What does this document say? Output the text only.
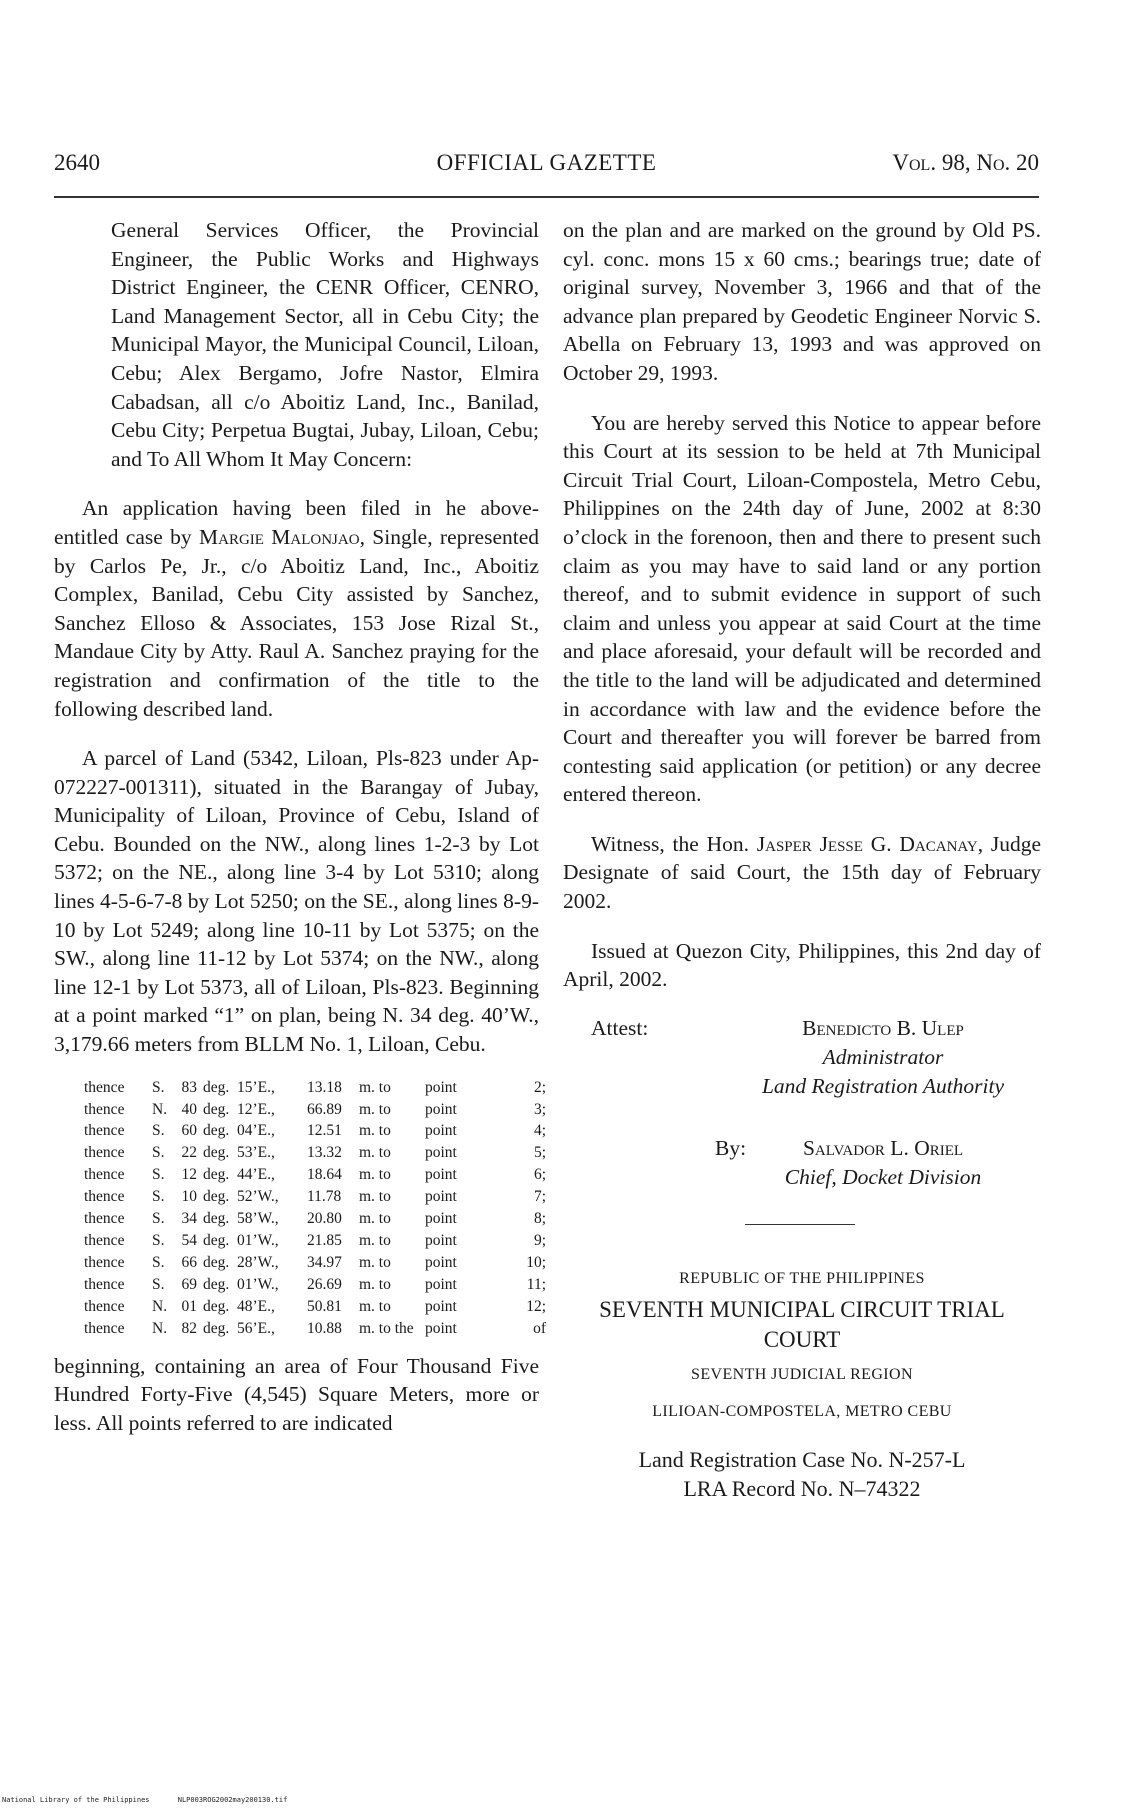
2640	OFFICIAL GAZETTE	Vol. 98, No. 20

General Services Officer, the Provincial Engineer, the Public Works and Highways District Engineer, the CENR Officer, CENRO, Land Management Sector, all in Cebu City; the Municipal Mayor, the Municipal Council, Liloan, Cebu; Alex Bergamo, Jofre Nastor, Elmira Cabadsan, all c/o Aboitiz Land, Inc., Banilad, Cebu City; Perpetua Bugtai, Jubay, Liloan, Cebu; and To All Whom It May Concern:

An application having been filed in he above-entitled case by Margie Malonjao, Single, represented by Carlos Pe, Jr., c/o Aboitiz Land, Inc., Aboitiz Complex, Banilad, Cebu City assisted by Sanchez, Sanchez Elloso & Associates, 153 Jose Rizal St., Mandaue City by Atty. Raul A. Sanchez praying for the registration and confirmation of the title to the following described land.

A parcel of Land (5342, Liloan, Pls-823 under Ap-072227-001311), situated in the Barangay of Jubay, Municipality of Liloan, Province of Cebu, Island of Cebu. Bounded on the NW., along lines 1-2-3 by Lot 5372; on the NE., along line 3-4 by Lot 5310; along lines 4-5-6-7-8 by Lot 5250; on the SE., along lines 8-9-10 by Lot 5249; along line 10-11 by Lot 5375; on the SW., along line 11-12 by Lot 5374; on the NW., along line 12-1 by Lot 5373, all of Liloan, Pls-823. Beginning at a point marked “1” on plan, being N. 34 deg. 40’W., 3,179.66 meters from BLLM No. 1, Liloan, Cebu.

thence	S.	83	deg.	15’E.,	13.18	m. to	point	2;
thence	N.	40	deg.	12’E.,	66.89	m. to	point	3;
thence	S.	60	deg.	04’E.,	12.51	m. to	point	4;
thence	S.	22	deg.	53’E.,	13.32	m. to	point	5;
thence	S.	12	deg.	44’E.,	18.64	m. to	point	6;
thence	S.	10	deg.	52’W.,	11.78	m. to	point	7;
thence	S.	34	deg.	58’W.,	20.80	m. to	point	8;
thence	S.	54	deg.	01’W.,	21.85	m. to	point	9;
thence	S.	66	deg.	28’W.,	34.97	m. to	point	10;
thence	S.	69	deg.	01’W.,	26.69	m. to	point	11;
thence	N.	01	deg.	48’E.,	50.81	m. to	point	12;
thence	N.	82	deg.	56’E.,	10.88	m. to the	point	of

beginning, containing an area of Four Thousand Five Hundred Forty-Five (4,545) Square Meters, more or less. All points referred to are indicated

on the plan and are marked on the ground by Old PS. cyl. conc. mons 15 x 60 cms.; bearings true; date of original survey, November 3, 1966 and that of the advance plan prepared by Geodetic Engineer Norvic S. Abella on February 13, 1993 and was approved on October 29, 1993.

You are hereby served this Notice to appear before this Court at its session to be held at 7th Municipal Circuit Trial Court, Liloan-Compostela, Metro Cebu, Philippines on the 24th day of June, 2002 at 8:30 o’clock in the forenoon, then and there to present such claim as you may have to said land or any portion thereof, and to submit evidence in support of such claim and unless you appear at said Court at the time and place aforesaid, your default will be recorded and the title to the land will be adjudicated and determined in accordance with law and the evidence before the Court and thereafter you will forever be barred from contesting said application (or petition) or any decree entered thereon.

Witness, the Hon. Jasper Jesse G. Dacanay, Judge Designate of said Court, the 15th day of February 2002.

Issued at Quezon City, Philippines, this 2nd day of April, 2002.

Attest:	Benedicto B. Ulep
Administrator
Land Registration Authority
By:	Salvador L. Oriel
Chief, Docket Division
REPUBLIC OF THE PHILIPPINES
SEVENTH MUNICIPAL CIRCUIT TRIAL COURT
SEVENTH JUDICIAL REGION
LILIOAN-COMPOSTELA, METRO CEBU
Land Registration Case No. N-257-L
LRA Record No. N–74322
National Library of the Philippines	NLP003ROG2002may200130.tif
